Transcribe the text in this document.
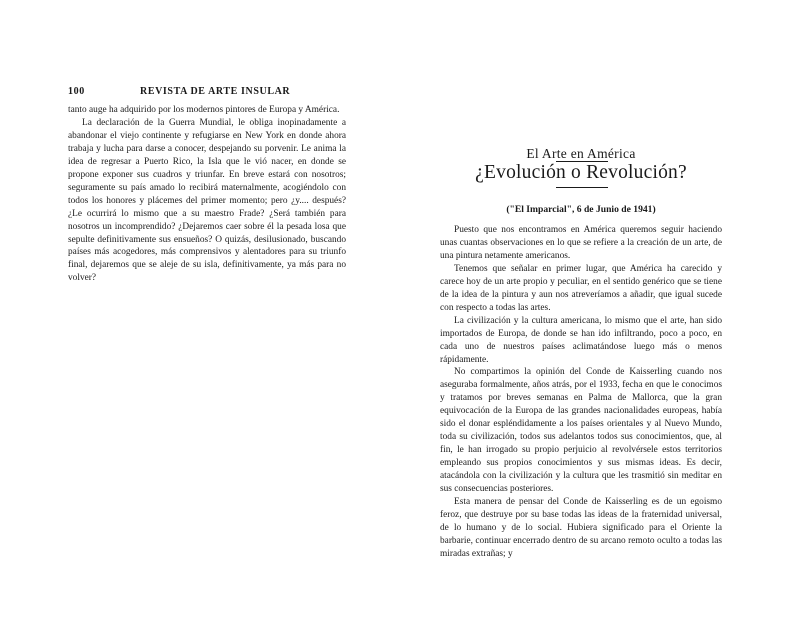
100	REVISTA DE ARTE INSULAR

tanto auge ha adquirido por los modernos pintores de Europa y América.

La declaración de la Guerra Mundial, le obliga inopinadamente a abandonar el viejo continente y refugiarse en New York en donde ahora trabaja y lucha para darse a conocer, despejando su porvenir. Le anima la idea de regresar a Puerto Rico, la Isla que le vió nacer, en donde se propone exponer sus cuadros y triunfar. En breve estará con nosotros; seguramente su país amado lo recibirá maternalmente, acogiéndolo con todos los honores y plácemes del primer momento; pero ¿y.... después? ¿Le ocurrirá lo mismo que a su maestro Frade? ¿Será también para nosotros un incomprendido? ¿Dejaremos caer sobre él la pesada losa que sepulte definitivamente sus ensueños? O quizás, desilusionado, buscando países más acogedores, más comprensivos y alentadores para su triunfo final, dejaremos que se aleje de su isla, definitivamente, ya más para no volver?

El Arte en América
¿Evolución o Revolución?
("El Imparcial", 6 de Junio de 1941)

Puesto que nos encontramos en América queremos seguir haciendo unas cuantas observaciones en lo que se refiere a la creación de un arte, de una pintura netamente americanos.

Tenemos que señalar en primer lugar, que América ha carecido y carece hoy de un arte propio y peculiar, en el sentido genérico que se tiene de la idea de la pintura y aun nos atreveríamos a añadir, que igual sucede con respecto a todas las artes.

La civilización y la cultura americana, lo mismo que el arte, han sido importados de Europa, de donde se han ido infiltrando, poco a poco, en cada uno de nuestros países aclimatándose luego más o menos rápidamente.

No compartimos la opinión del Conde de Kaisserling cuando nos aseguraba formalmente, años atrás, por el 1933, fecha en que le conocimos y tratamos por breves semanas en Palma de Mallorca, que la gran equivocación de la Europa de las grandes nacionalidades europeas, había sido el donar espléndidamente a los países orientales y al Nuevo Mundo, toda su civilización, todos sus adelantos todos sus conocimientos, que, al fin, le han irrogado su propio perjuicio al revolvérsele estos territorios empleando sus propios conocimientos y sus mismas ideas. Es decir, atacándola con la civilización y la cultura que les trasmitió sin meditar en sus consecuencias posteriores.

Esta manera de pensar del Conde de Kaisserling es de un egoismo feroz, que destruye por su base todas las ideas de la fraternidad universal, de lo humano y de lo social. Hubiera significado para el Oriente la barbarie, continuar encerrado dentro de su arcano remoto oculto a todas las miradas extrañas; y
